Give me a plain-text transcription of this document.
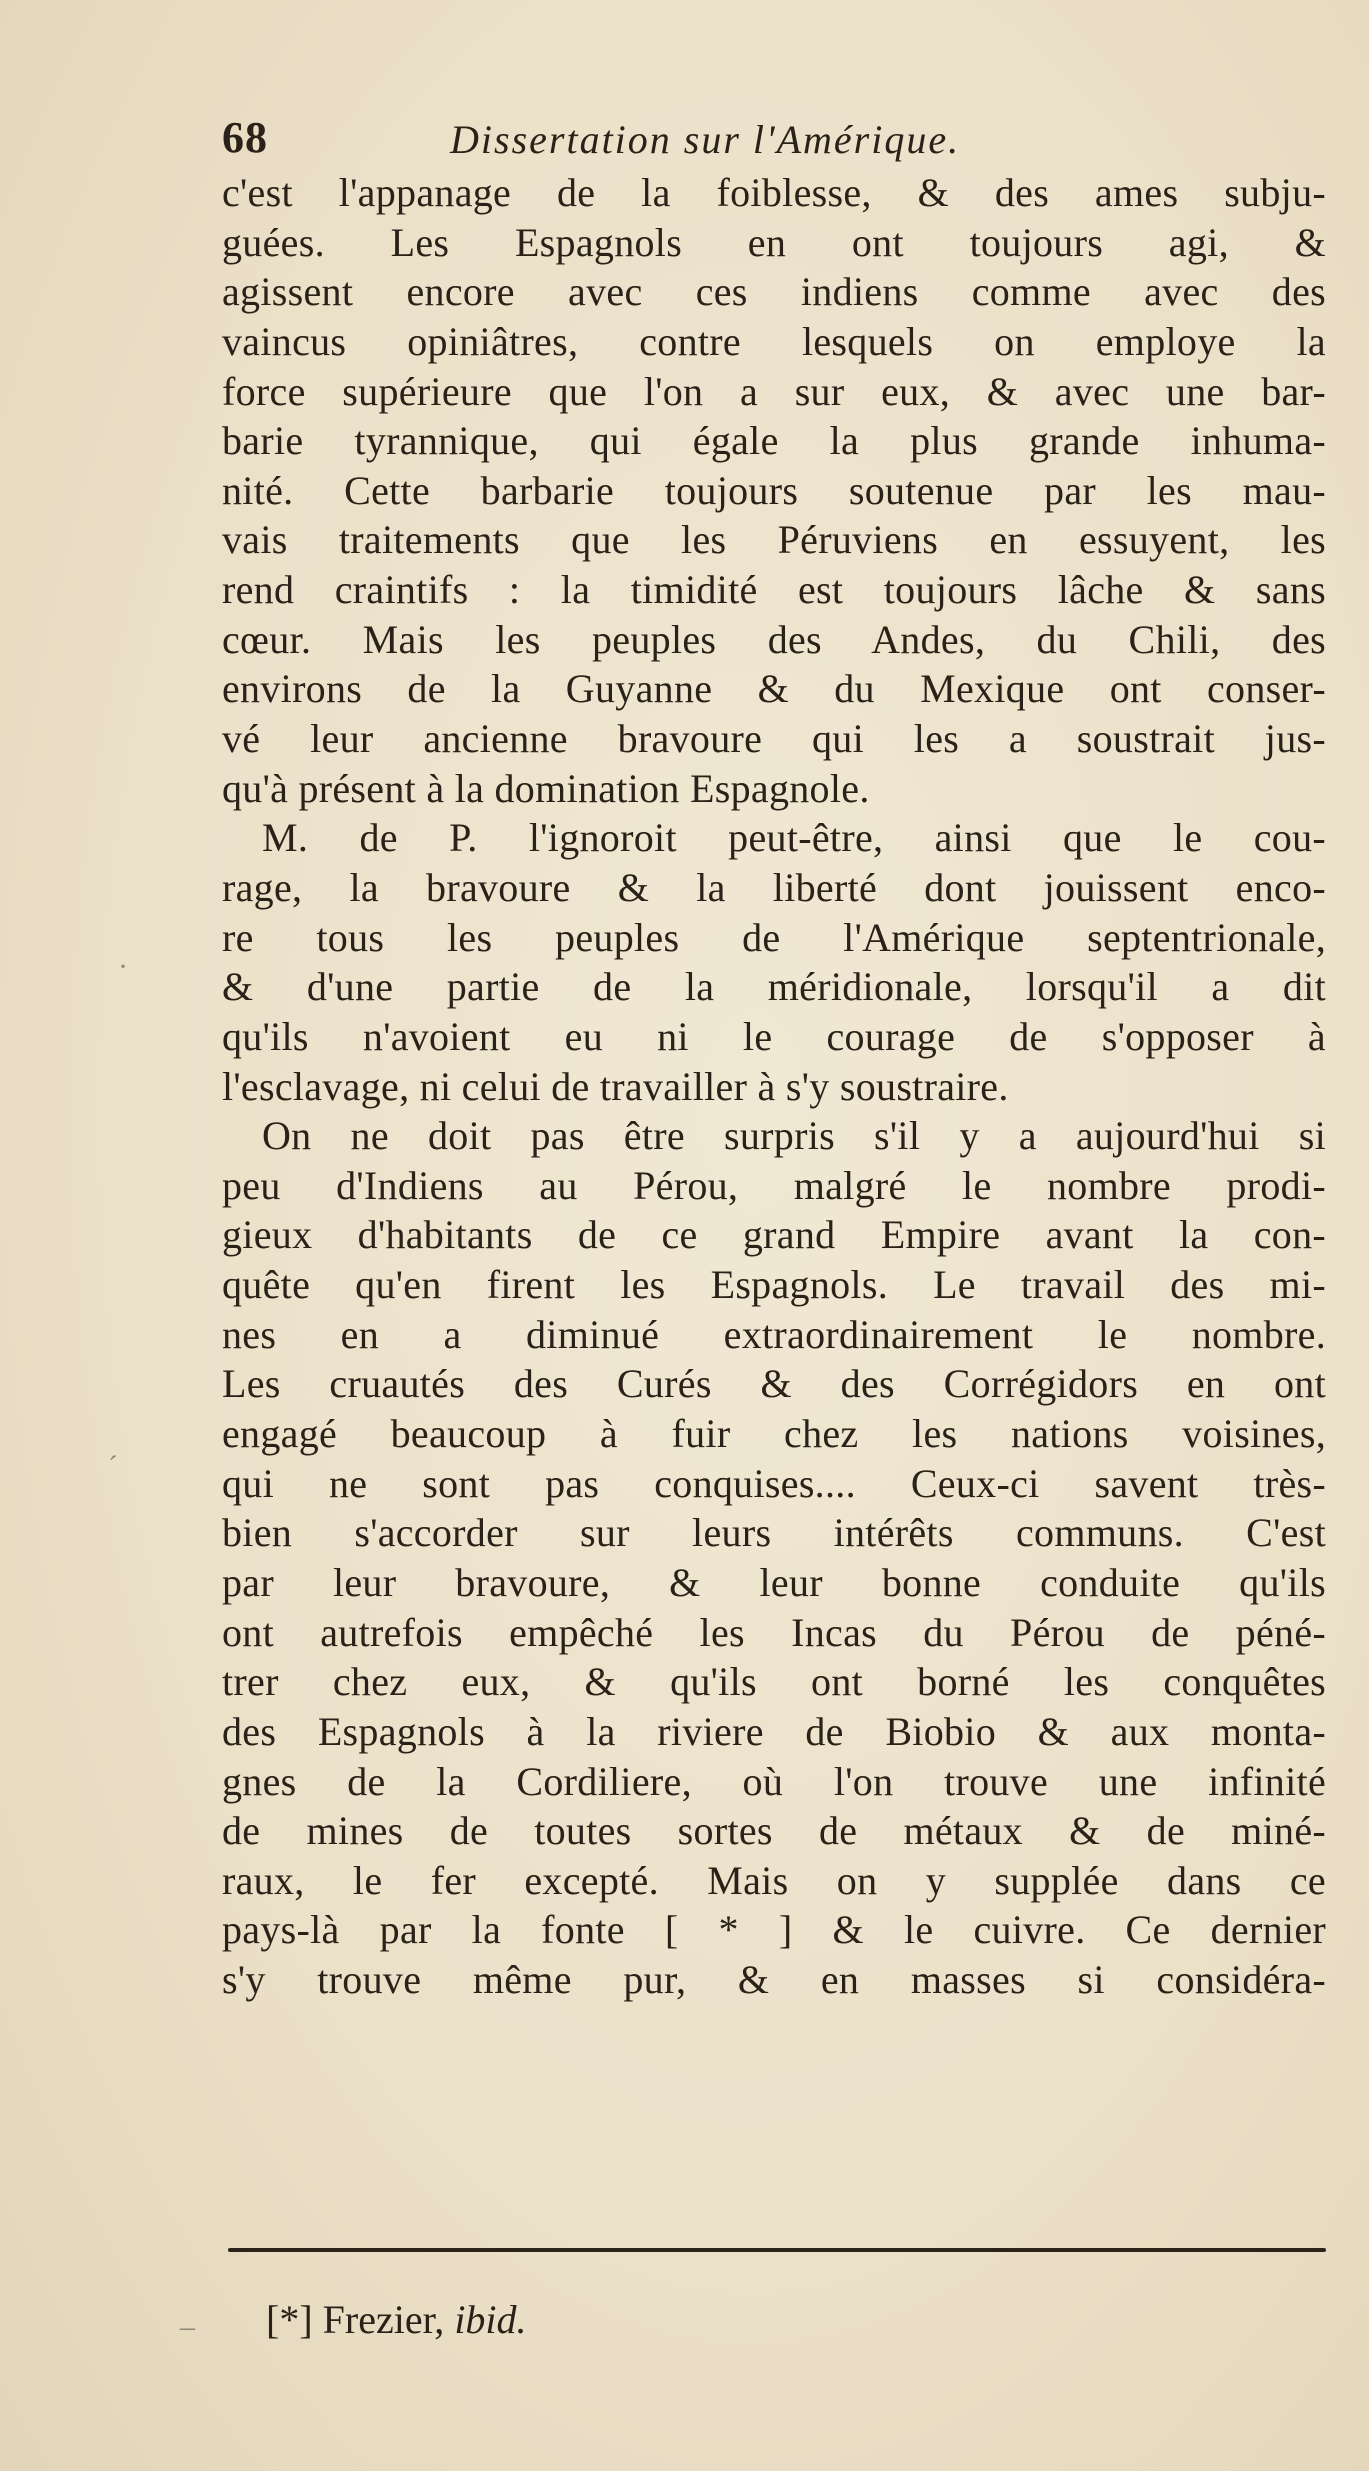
68	Dissertation sur l'Amérique.
c'est l'appanage de la foiblesse, & des ames subju-
guées. Les Espagnols en ont toujours agi, &
agissent encore avec ces indiens comme avec des
vaincus opiniâtres, contre lesquels on employe la
force supérieure que l'on a sur eux, & avec une bar-
barie tyrannique, qui égale la plus grande inhuma-
nité. Cette barbarie toujours soutenue par les mau-
vais traitements que les Péruviens en essuyent, les
rend craintifs : la timidité est toujours lâche & sans
cœur. Mais les peuples des Andes, du Chili, des
environs de la Guyanne & du Mexique ont conser-
vé leur ancienne bravoure qui les a soustrait jus-
qu'à présent à la domination Espagnole.
M. de P. l'ignoroit peut-être, ainsi que le cou-
rage, la bravoure & la liberté dont jouissent enco-
re tous les peuples de l'Amérique septentrionale,
& d'une partie de la méridionale, lorsqu'il a dit
qu'ils n'avoient eu ni le courage de s'opposer à
l'esclavage, ni celui de travailler à s'y soustraire.
On ne doit pas être surpris s'il y a aujourd'hui si
peu d'Indiens au Pérou, malgré le nombre prodi-
gieux d'habitants de ce grand Empire avant la con-
quête qu'en firent les Espagnols. Le travail des mi-
nes en a diminué extraordinairement le nombre.
Les cruautés des Curés & des Corrégidors en ont
engagé beaucoup à fuir chez les nations voisines,
qui ne sont pas conquises.... Ceux-ci savent très-
bien s'accorder sur leurs intérêts communs. C'est
par leur bravoure, & leur bonne conduite qu'ils
ont autrefois empêché les Incas du Pérou de péné-
trer chez eux, & qu'ils ont borné les conquêtes
des Espagnols à la riviere de Biobio & aux monta-
gnes de la Cordiliere, où l'on trouve une infinité
de mines de toutes sortes de métaux & de miné-
raux, le fer excepté. Mais on y supplée dans ce
pays-là par la fonte [ * ] & le cuivre. Ce dernier
s'y trouve même pur, & en masses si considéra-
[*] Frezier, ibid.
·
´
–
